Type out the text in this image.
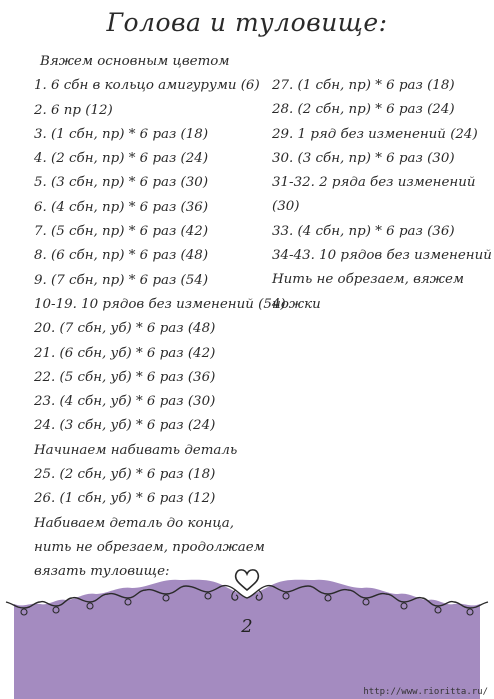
Голова и туловище:
Вяжем основным цветом
1. 6 сбн в кольцо амигуруми (6)
2. 6 пр (12)
3. (1 сбн, пр) * 6 раз (18)
4. (2 сбн, пр) * 6 раз (24)
5. (3 сбн, пр) * 6 раз (30)
6. (4 сбн, пр) * 6 раз (36)
7. (5 сбн, пр) * 6 раз (42)
8. (6 сбн, пр) * 6 раз (48)
9. (7 сбн, пр) * 6 раз (54)
10-19. 10 рядов без изменений (54)
20. (7 сбн, уб) * 6 раз (48)
21. (6 сбн, уб) * 6 раз (42)
22. (5 сбн, уб) * 6 раз (36)
23. (4 сбн, уб) * 6 раз (30)
24. (3 сбн, уб) * 6 раз (24)
Начинаем набивать деталь
25. (2 сбн, уб) * 6 раз (18)
26. (1 сбн, уб) * 6 раз (12)
Набиваем деталь до конца,
нить не обрезаем, продолжаем
вязать туловище:
27. (1 сбн, пр) * 6 раз (18)
28. (2 сбн, пр) * 6 раз (24)
29. 1 ряд без изменений (24)
30. (3 сбн, пр) * 6 раз (30)
31-32. 2 ряда без изменений
(30)
33. (4 сбн, пр) * 6 раз (36)
34-43. 10 рядов без изменений
Нить не обрезаем, вяжем
ножки
2
http://www.rioritta.ru/
